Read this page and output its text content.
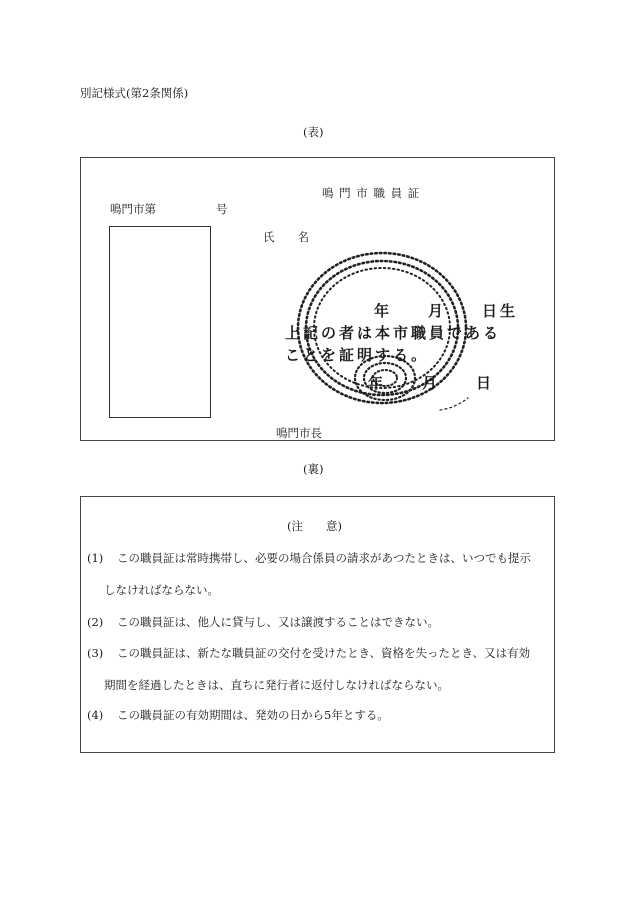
別記様式(第2条関係)
(表)
鳴 門 市 職 員 証
鳴門市第	号
氏　　名
年　　月　　日生
上記の者は本市職員である
ことを証明する。
年　　月　　日
鳴門市長
(裏)
(注　　意)
(1) この職員証は常時携帯し、必要の場合係員の請求があつたときは、いつでも提示
しなければならない。
(2) この職員証は、他人に貸与し、又は譲渡することはできない。
(3) この職員証は、新たな職員証の交付を受けたとき、資格を失ったとき、又は有効
期間を経過したときは、直ちに発行者に返付しなければならない。
(4) この職員証の有効期間は、発効の日から5年とする。
